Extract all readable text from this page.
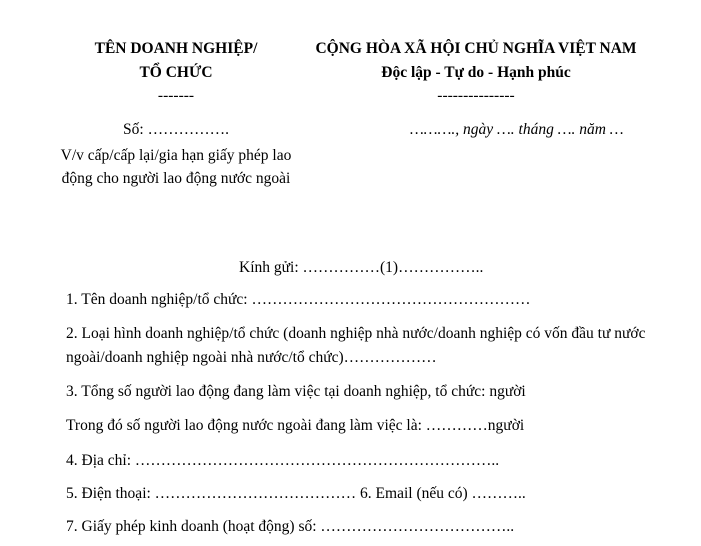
TÊN DOANH NGHIỆP/
TỔ CHỨC
-------
CỘNG HÒA XÃ HỘI CHỦ NGHĨA VIỆT NAM
Độc lập - Tự do - Hạnh phúc
---------------
Số: …………….
V/v cấp/cấp lại/gia hạn giấy phép lao động cho người lao động nước ngoài
………., ngày …. tháng …. năm …
Kính gửi: ……………(1)……………..
1. Tên doanh nghiệp/tổ chức: ………………………………………………
2. Loại hình doanh nghiệp/tổ chức (doanh nghiệp nhà nước/doanh nghiệp có vốn đầu tư nước ngoài/doanh nghiệp ngoài nhà nước/tổ chức)………………
3. Tổng số người lao động đang làm việc tại doanh nghiệp, tổ chức: người
Trong đó số người lao động nước ngoài đang làm việc là: …………người
4. Địa chỉ: ……………………………………………………………..
5. Điện thoại: ………………………………… 6. Email (nếu có) ………..
7. Giấy phép kinh doanh (hoạt động) số: ………………………………..
